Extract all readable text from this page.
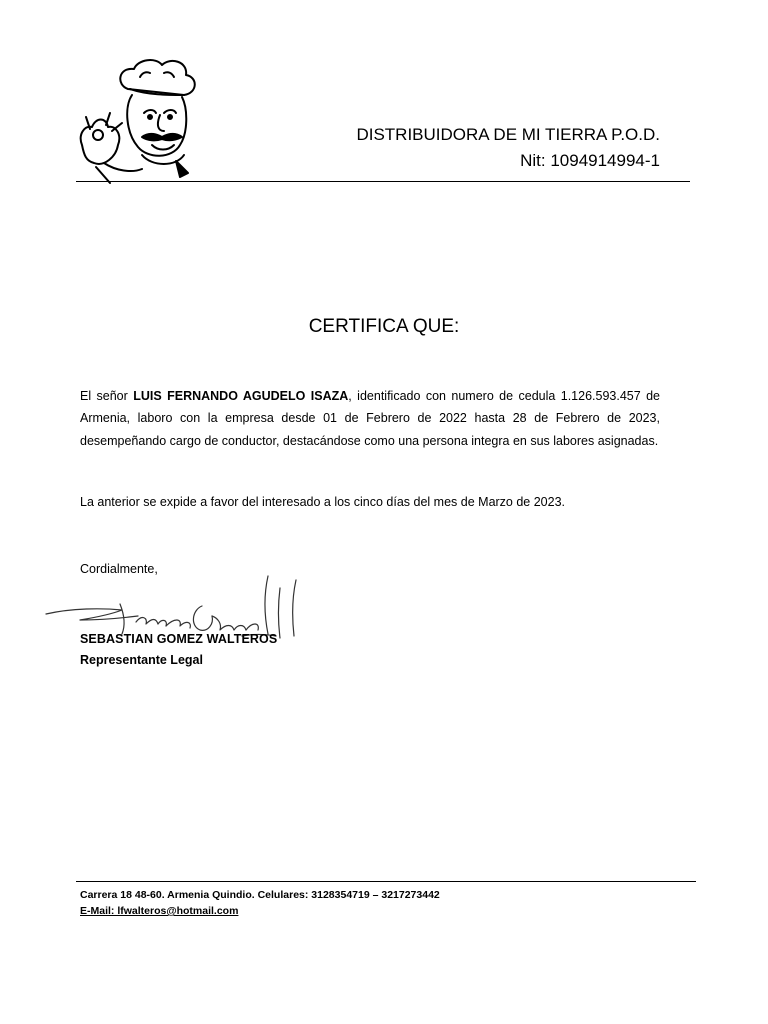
DISTRIBUIDORA DE MI TIERRA P.O.D.
Nit: 1094914994-1
CERTIFICA QUE:

El señor LUIS FERNANDO AGUDELO ISAZA, identificado con numero de cedula 1.126.593.457 de Armenia, laboro con la empresa desde 01 de Febrero de 2022 hasta 28 de Febrero de 2023, desempeñando cargo de conductor, destacándose como una persona integra en sus labores asignadas.

La anterior se expide a favor del interesado a los cinco días del mes de Marzo de 2023.

Cordialmente,
SEBASTIAN GOMEZ WALTEROS
Representante Legal
Carrera 18 48-60. Armenia Quindio. Celulares: 3128354719 – 3217273442
E-Mail: lfwalteros@hotmail.com
